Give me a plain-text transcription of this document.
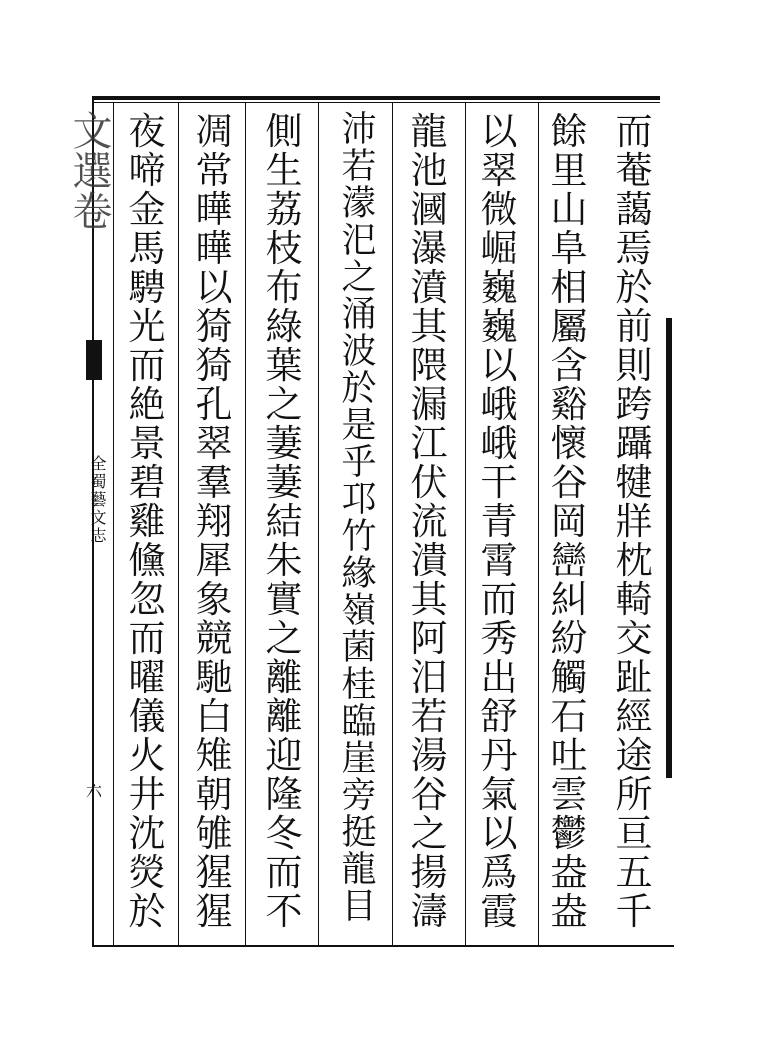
而
菴
藹
焉
於
前
則
跨
躡
犍
牂
枕
輢
交
趾
經
途
所
亘
五
千
餘
里
山
阜
相
屬
含
谿
懷
谷
岡
巒
糾
紛
觸
石
吐
雲
鬱
盎
盎
以
翠
微
崛
巍
巍
以
峨
峨
干
青
霄
而
秀
出
舒
丹
氣
以
爲
霞
龍
池
漍
瀑
濆
其
隈
漏
江
伏
流
潰
其
阿
汨
若
湯
谷
之
揚
濤
沛
若
濛
汜
之
涌
波
於
是
乎
邛
竹
緣
嶺
菌
桂
臨
崖
旁
挺
龍
目
側
生
荔
枝
布
綠
葉
之
萋
萋
結
朱
實
之
離
離
迎
隆
冬
而
不
凋
常
曄
曄
以
猗
猗
孔
翠
羣
翔
犀
象
競
馳
白
雉
朝
雊
猩
猩
夜
啼
金
馬
騁
光
而
絶
景
碧
雞
儵
忽
而
曜
儀
火
井
沈
熒
於
文選卷
全蜀藝文志
六
